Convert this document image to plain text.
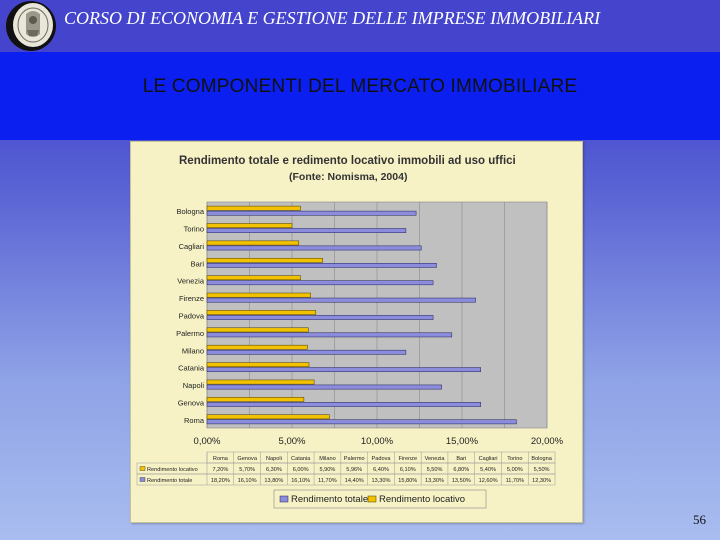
CORSO DI ECONOMIA E GESTIONE DELLE IMPRESE IMMOBILIARI
LE COMPONENTI DEL MERCATO IMMOBILIARE
Rendimento totale e redimento locativo immobili ad uso uffici
(Fonte: Nomisma, 2004)
Bologna
Torino
Cagliari
Bari
Venezia
Firenze
Padova
Palermo
Milano
Catania
Napoli
Genova
Roma
0,00%	5,00%	10,00%	15,00%	20,00%
Roma Genova Napoli Catania Milano Palermo Padova Firenze Venezia Bari Cagliari Torino Bologna
Rendimento locativo	7,20% 5,70% 6,30% 6,00% 5,90% 5,96% 6,40% 6,10% 5,50% 6,80% 5,40% 5,00% 5,50%
Rendimento totale	18,20% 16,10% 13,80% 16,10% 11,70% 14,40% 13,30% 15,80% 13,30% 13,50% 12,60% 11,70% 12,30%
Rendimento totale Rendimento locativo
56
